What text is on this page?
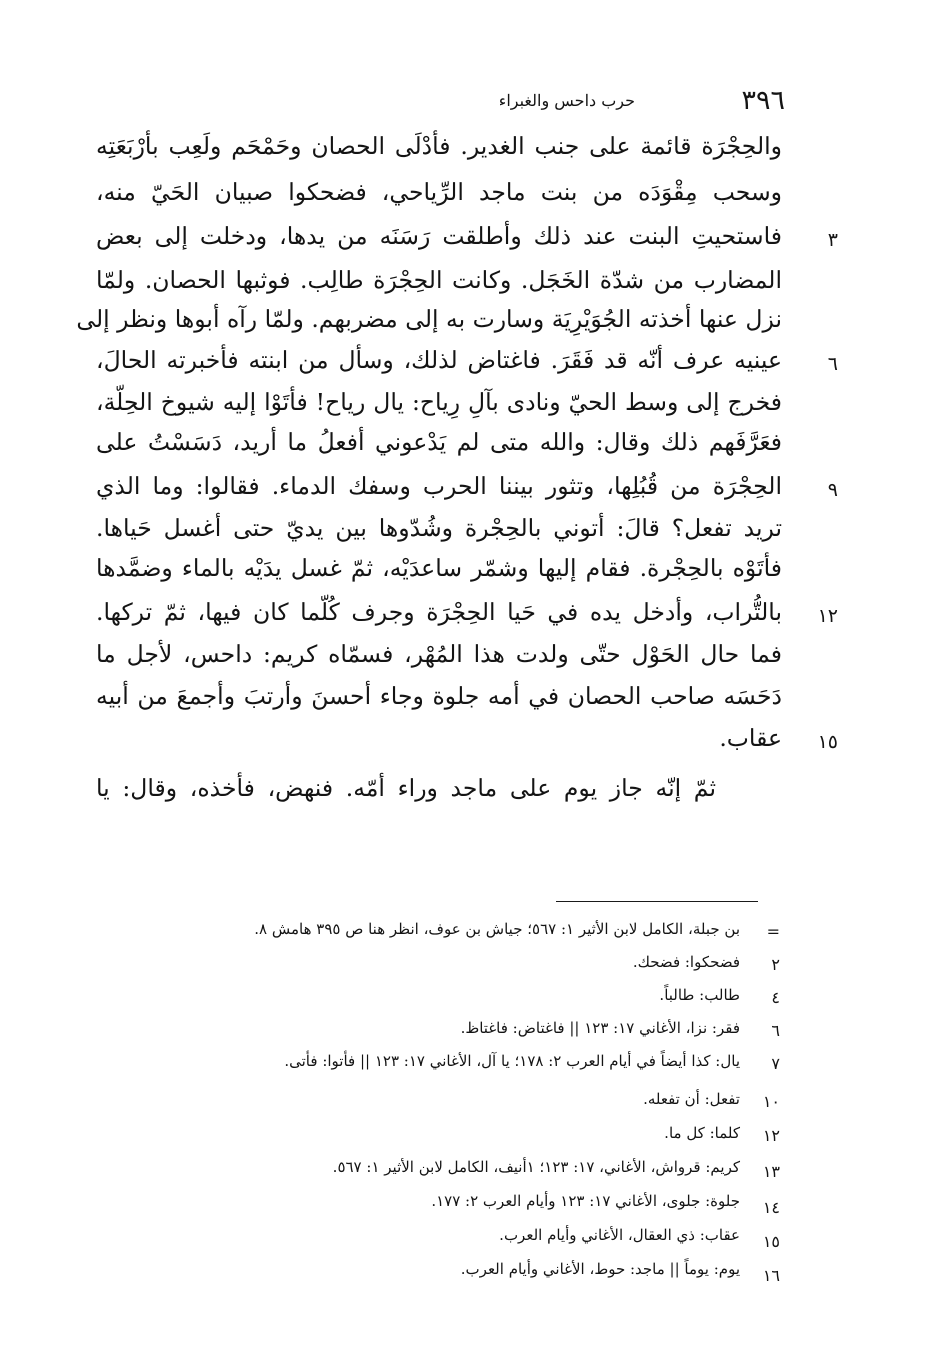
٣٩٦
حرب داحس والغبراء
والحِجْرَة قائمة على جنب الغدير. فأدْلَى الحصان وحَمْحَم ولَعِب بأرْبَعَتِه
وسحب مِقْوَدَه من بنت ماجد الرِّياحي، فضحكوا صبيان الحَيّ منه،
٣
فاستحيتِ البنت عند ذلك وأطلقت رَسَنَه من يدها، ودخلت إلى بعض
المضارب من شدّة الخَجَل. وكانت الحِجْرَة طالِب. فوثبها الحصان. ولمّا
نزل عنها أخذته الجُوَيْرِيَة وسارت به إلى مضربهم. ولمّا رآه أبوها ونظر إلى
٦
عينيه عرف أنّه قد فَقَرَ. فاغتاض لذلك، وسأل من ابنته فأخبرته الحالَ،
فخرج إلى وسط الحيّ ونادى بآلِ رِياح: يال رياح! فأتَوْا إليه شيوخ الحِلّة،
فعَرَّفَهم ذلك وقال: والله متى لم يَدْعوني أفعلُ ما أريد، دَسَسْتُ على
٩
الحِجْرَة من قُبُلِها، وتثور بيننا الحرب وسفك الدماء. فقالوا: وما الذي
تريد تفعل؟ قالَ: أتوني بالحِجْرة وشُدّوها بين يديّ حتى أغسل حَياها.
فأتَوْه بالحِجْرة. فقام إليها وشمّر ساعدَيْه، ثمّ غسل يدَيْه بالماء وضمَّدها
١٢
بالتُّراب، وأدخل يده في حَيا الحِجْرَة وجرف كُلّما كان فيها، ثمّ تركها.
فما حال الحَوْل حتّى ولدت هذا المُهْر، فسمّاه كريم: داحس، لأجل ما
دَحَسَه صاحب الحصان في أمه جلوة وجاء أحسنَ وأرتبَ وأجمعَ من أبيه
١٥
عقاب.
ثمّ إنّه جاز يوم على ماجد وراء أمّه. فنهض، فأخذه، وقال: يا
=
بن جبلة، الكامل لابن الأثير ١: ٥٦٧؛ جياش بن عوف، انظر هنا ص ٣٩٥ هامش ٨.
٢
فضحكوا: فضحك.
٤
طالب: طالباً.
٦
فقر: نزا، الأغاني ١٧: ١٢٣ || فاغتاض: فاغتاظ.
٧
يال: كذا أيضاً في أيام العرب ٢: ١٧٨؛ يا آل، الأغاني ١٧: ١٢٣ || فأتوا: فأتى.
١٠
تفعل: أن تفعله.
١٢
كلما: كل ما.
١٣
كريم: قرواش، الأغاني، ١٧: ١٢٣؛ ١أنيف، الكامل لابن الأثير ١: ٥٦٧.
١٤
جلوة: جلوى، الأغاني ١٧: ١٢٣ وأيام العرب ٢: ١٧٧.
١٥
عقاب: ذي العقال، الأغاني وأيام العرب.
١٦
يوم: يوماً || ماجد: حوط، الأغاني وأيام العرب.
